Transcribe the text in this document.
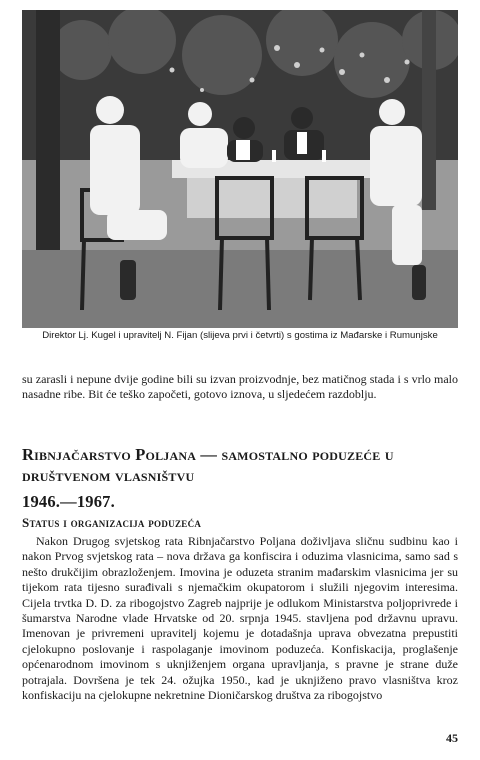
Direktor Lj. Kugel i upravitelj N. Fijan (slijeva prvi i četvrti) s gostima iz Mađarske i Rumunjske

su zarasli i nepune dvije godine bili su izvan proizvodnje, bez matičnog stada i s vrlo malo nasadne ribe. Bit će teško započeti, gotovo iznova, u sljedećem razdoblju.

Ribnjačarstvo Poljana — samostalno poduzeće u društvenom vlasništvu
1946.—1967.
Status i organizacija poduzeća

Nakon Drugog svjetskog rata Ribnjačarstvo Poljana doživljava sličnu sudbinu kao i nakon Prvog svjetskog rata – nova država ga konfiscira i oduzima vlasnicima, samo sad s nešto drukčijim obrazloženjem. Imovina je oduzeta stranim mađarskim vlasnicima jer su tijekom rata tijesno surađivali s njemačkim okupatorom i služili njegovim interesima. Cijela trvtka D. D. za ribogojstvo Zagreb najprije je odlukom Ministarstva poljoprivrede i šumarstva Narodne vlade Hrvatske od 20. srpnja 1945. stavljena pod državnu upravu. Imenovan je privremeni upravitelj kojemu je dotadašnja uprava obvezatna prepustiti cjelokupno poslovanje i raspolaganje imovinom poduzeća. Konfiskacija, proglašenje općenarodnom imovinom s uknjiženjem organa upravljanja, s pravne je strane duže potrajala. Dovršena je tek 24. ožujka 1950., kad je uknjiženo pravo vlasništva kroz konfiskaciju na cjelokupne nekretnine Dioničarskog društva za ribogojstvo

45
